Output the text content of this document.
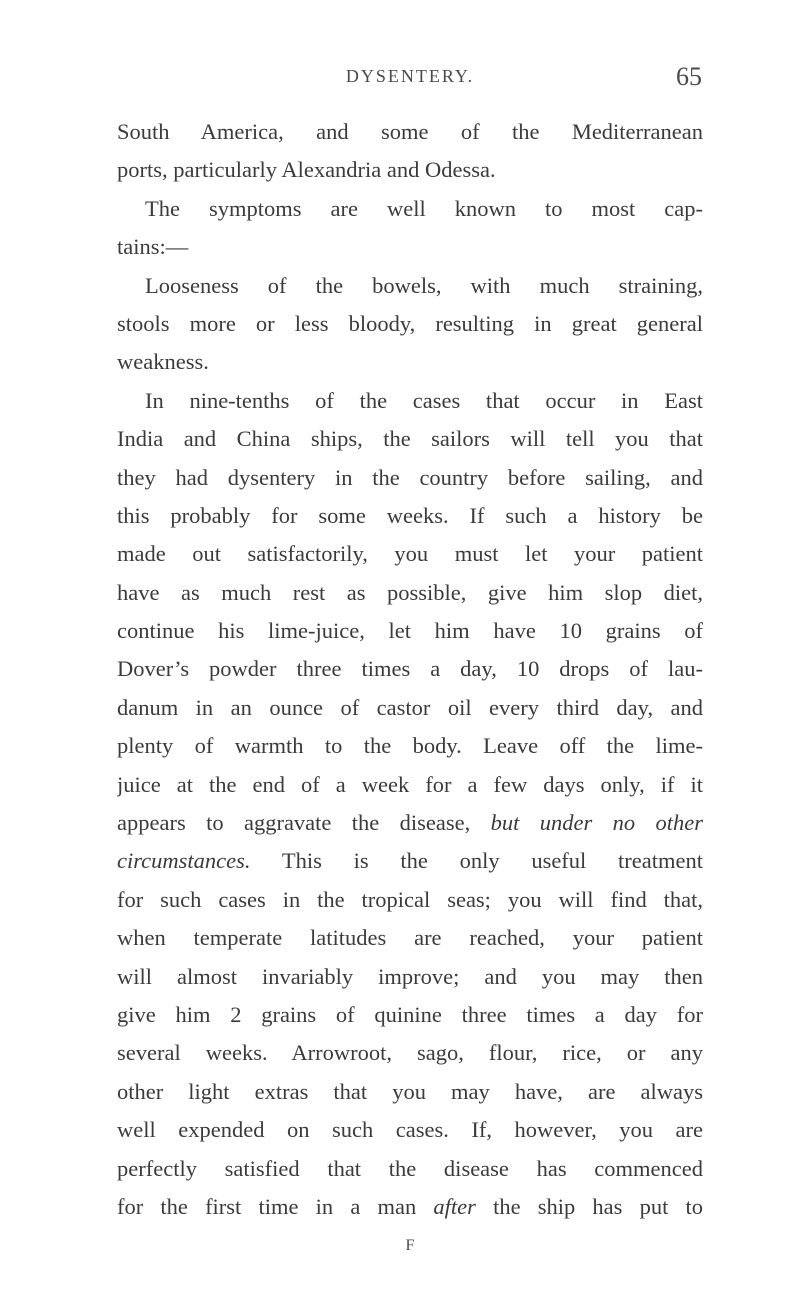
DYSENTERY.	65
South America, and some of the Mediterranean
ports, particularly Alexandria and Odessa.
The symptoms are well known to most cap-
tains:—
Looseness of the bowels, with much straining,
stools more or less bloody, resulting in great general
weakness.
In nine-tenths of the cases that occur in East
India and China ships, the sailors will tell you that
they had dysentery in the country before sailing, and
this probably for some weeks. If such a history be
made out satisfactorily, you must let your patient
have as much rest as possible, give him slop diet,
continue his lime-juice, let him have 10 grains of
Dover’s powder three times a day, 10 drops of lau-
danum in an ounce of castor oil every third day, and
plenty of warmth to the body. Leave off the lime-
juice at the end of a week for a few days only, if it
appears to aggravate the disease, but under no other
circumstances. This is the only useful treatment
for such cases in the tropical seas; you will find that,
when temperate latitudes are reached, your patient
will almost invariably improve; and you may then
give him 2 grains of quinine three times a day for
several weeks. Arrowroot, sago, flour, rice, or any
other light extras that you may have, are always
well expended on such cases. If, however, you are
perfectly satisfied that the disease has commenced
for the first time in a man after the ship has put to
F
